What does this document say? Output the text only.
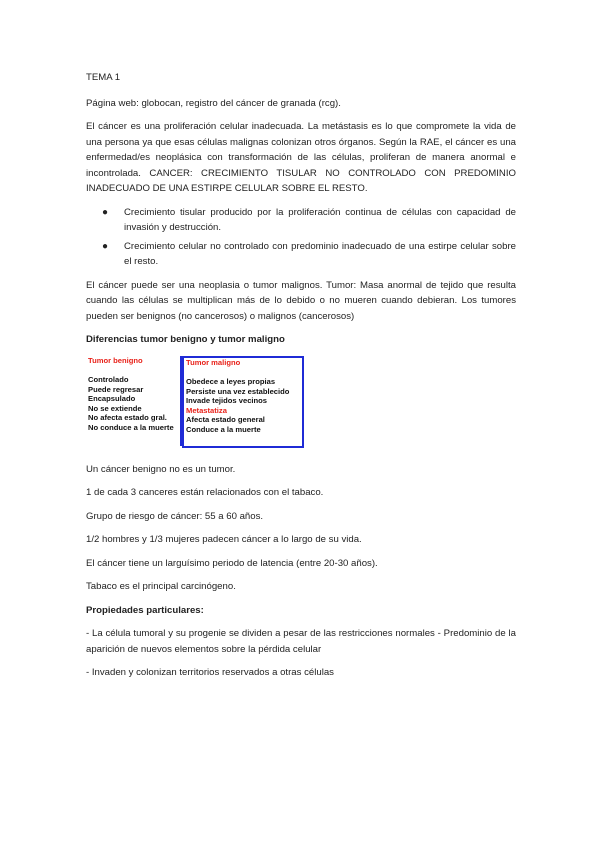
TEMA 1

Página web: globocan, registro del cáncer de granada (rcg).

El cáncer es una proliferación celular inadecuada. La metástasis es lo que compromete la vida de una persona ya que esas células malignas colonizan otros órganos. Según la RAE, el cáncer es una enfermedad/es neoplásica con transformación de las células, proliferan de manera anormal e incontrolada. CANCER: CRECIMIENTO TISULAR NO CONTROLADO CON PREDOMINIO INADECUADO DE UNA ESTIRPE CELULAR SOBRE EL RESTO.

● Crecimiento tisular producido por la proliferación continua de células con capacidad de invasión y destrucción.
● Crecimiento celular no controlado con predominio inadecuado de una estirpe celular sobre el resto.

El cáncer puede ser una neoplasia o tumor malignos. Tumor: Masa anormal de tejido que resulta cuando las células se multiplican más de lo debido o no mueren cuando debieran. Los tumores pueden ser benignos (no cancerosos) o malignos (cancerosos)

Diferencias tumor benigno y tumor maligno

Tumor benigno
Controlado
Puede regresar
Encapsulado
No se extiende
No afecta estado gral.
No conduce a la muerte
Tumor maligno
Obedece a leyes propias
Persiste una vez establecido
Invade tejidos vecinos
Metastatiza
Afecta estado general
Conduce a la muerte

Un cáncer benigno no es un tumor.

1 de cada 3 canceres están relacionados con el tabaco.

Grupo de riesgo de cáncer: 55 a 60 años.

1/2 hombres y 1/3 mujeres padecen cáncer a lo largo de su vida.

El cáncer tiene un larguísimo periodo de latencia (entre 20-30 años).

Tabaco es el principal carcinógeno.

Propiedades particulares:

- La célula tumoral y su progenie se dividen a pesar de las restricciones normales - Predominio de la aparición de nuevos elementos sobre la pérdida celular

- Invaden y colonizan territorios reservados a otras células
